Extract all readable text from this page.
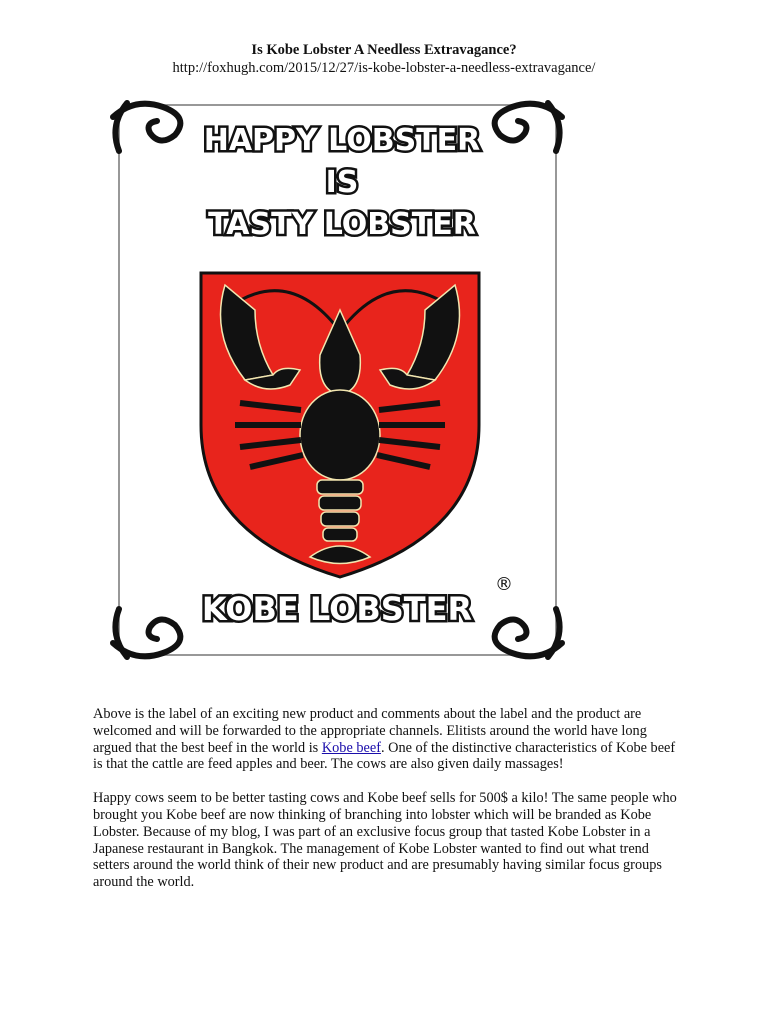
Is Kobe Lobster A Needless Extravagance?
http://foxhugh.com/2015/12/27/is-kobe-lobster-a-needless-extravagance/
HAPPY LOBSTER
IS
TASTY LOBSTER
KOBE LOBSTER
®

Above is the label of an exciting new product and comments about the label and the product are welcomed and will be forwarded to the appropriate channels. Elitists around the world have long argued that the best beef in the world is Kobe beef. One of the distinctive characteristics of Kobe beef is that the cattle are feed apples and beer. The cows are also given daily massages!

Happy cows seem to be better tasting cows and Kobe beef sells for 500$ a kilo! The same people who brought you Kobe beef are now thinking of branching into lobster which will be branded as Kobe Lobster. Because of my blog, I was part of an exclusive focus group that tasted Kobe Lobster in a Japanese restaurant in Bangkok. The management of Kobe Lobster wanted to find out what trend setters around the world think of their new product and are presumably having similar focus groups around the world.
